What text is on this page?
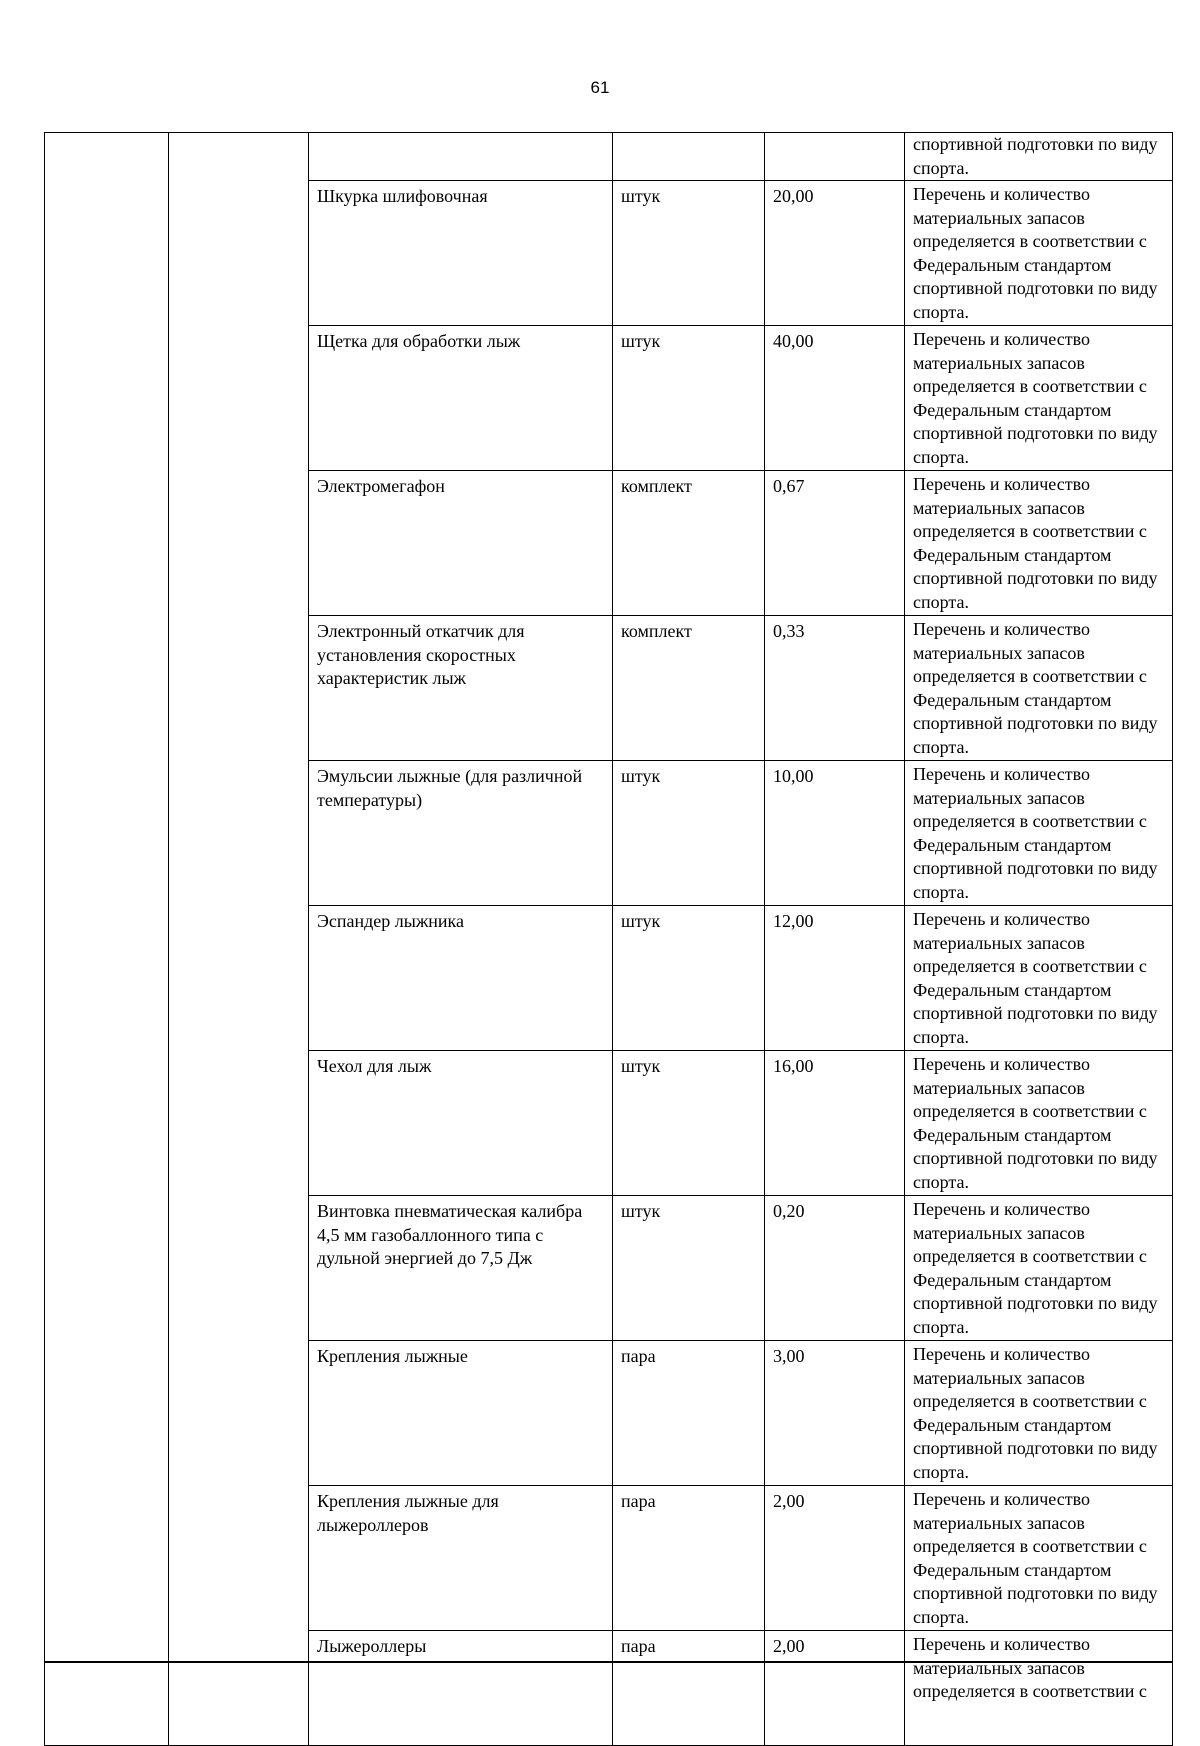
61
					спортивной подготовки по виду спорта.
		Шкурка шлифовочная	штук	20,00	Перечень и количество материальных запасов определяется в соответствии с Федеральным стандартом спортивной подготовки по виду спорта.
		Щетка для обработки лыж	штук	40,00	Перечень и количество материальных запасов определяется в соответствии с Федеральным стандартом спортивной подготовки по виду спорта.
		Электромегафон	комплект	0,67	Перечень и количество материальных запасов определяется в соответствии с Федеральным стандартом спортивной подготовки по виду спорта.
		Электронный откатчик для установления скоростных характеристик лыж	комплект	0,33	Перечень и количество материальных запасов определяется в соответствии с Федеральным стандартом спортивной подготовки по виду спорта.
		Эмульсии лыжные (для различной температуры)	штук	10,00	Перечень и количество материальных запасов определяется в соответствии с Федеральным стандартом спортивной подготовки по виду спорта.
		Эспандер лыжника	штук	12,00	Перечень и количество материальных запасов определяется в соответствии с Федеральным стандартом спортивной подготовки по виду спорта.
		Чехол для лыж	штук	16,00	Перечень и количество материальных запасов определяется в соответствии с Федеральным стандартом спортивной подготовки по виду спорта.
		Винтовка пневматическая калибра 4,5 мм газобаллонного типа с дульной энергией до 7,5 Дж	штук	0,20	Перечень и количество материальных запасов определяется в соответствии с Федеральным стандартом спортивной подготовки по виду спорта.
		Крепления лыжные	пара	3,00	Перечень и количество материальных запасов определяется в соответствии с Федеральным стандартом спортивной подготовки по виду спорта.
		Крепления лыжные для лыжероллеров	пара	2,00	Перечень и количество материальных запасов определяется в соответствии с Федеральным стандартом спортивной подготовки по виду спорта.
		Лыжероллеры	пара	2,00	Перечень и количество материальных запасов определяется в соответствии с
